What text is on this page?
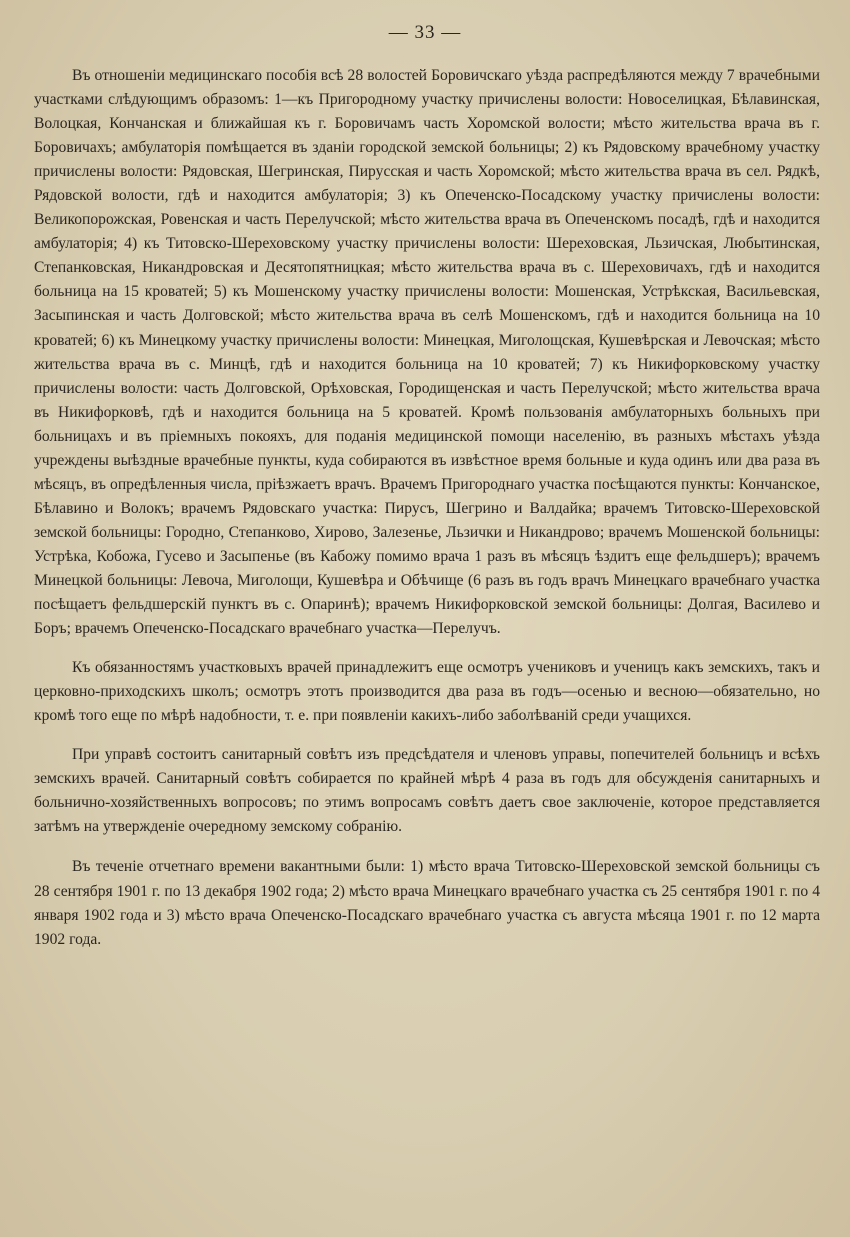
— 33 —

Въ отношеніи медицинскаго пособія всѣ 28 волостей Боровичскаго уѣзда распредѣляются между 7 врачебными участками слѣдующимъ образомъ: 1—къ Пригородному участку причислены волости: Новоселицкая, Бѣлавинская, Волоцкая, Кончанская и ближайшая къ г. Боровичамъ часть Хоромской волости; мѣсто жительства врача въ г. Боровичахъ; амбулаторія помѣщается въ зданіи городской земской больницы; 2) къ Рядовскому врачебному участку причислены волости: Рядовская, Шегринская, Пирусская и часть Хоромской; мѣсто жительства врача въ сел. Рядкѣ, Рядовской волости, гдѣ и находится амбулаторія; 3) къ Опеченско-Посадскому участку причислены волости: Великопорожская, Ровенская и часть Перелучской; мѣсто жительства врача въ Опеченскомъ посадѣ, гдѣ и находится амбулаторія; 4) къ Титовско-Шереховскому участку причислены волости: Шереховская, Льзичская, Любытинская, Степанковская, Никандровская и Десятопятницкая; мѣсто жительства врача въ с. Шереховичахъ, гдѣ и находится больница на 15 кроватей; 5) къ Мошенскому участку причислены волости: Мошенская, Устрѣкская, Васильевская, Засыпинская и часть Долговской; мѣсто жительства врача въ селѣ Мошенскомъ, гдѣ и находится больница на 10 кроватей; 6) къ Минецкому участку причислены волости: Минецкая, Миголощская, Кушевѣрская и Левочская; мѣсто жительства врача въ с. Минцѣ, гдѣ и находится больница на 10 кроватей; 7) къ Никифорковскому участку причислены волости: часть Долговской, Орѣховская, Городищенская и часть Перелучской; мѣсто жительства врача въ Никифорковѣ, гдѣ и находится больница на 5 кроватей. Кромѣ пользованія амбулаторныхъ больныхъ при больницахъ и въ пріемныхъ покояхъ, для поданія медицинской помощи населенію, въ разныхъ мѣстахъ уѣзда учреждены выѣздные врачебные пункты, куда собираются въ извѣстное время больные и куда одинъ или два раза въ мѣсяцъ, въ опредѣленныя числа, пріѣзжаетъ врачъ. Врачемъ Пригороднаго участка посѣщаются пункты: Кончанское, Бѣлавино и Волокъ; врачемъ Рядовскаго участка: Пирусъ, Шегрино и Валдайка; врачемъ Титовско-Шереховской земской больницы: Городно, Степанково, Хирово, Залезенье, Льзички и Никандрово; врачемъ Мошенской больницы: Устрѣка, Кобожа, Гусево и Засыпенье (въ Кабожу помимо врача 1 разъ въ мѣсяцъ ѣздитъ еще фельдшеръ); врачемъ Минецкой больницы: Левоча, Миголощи, Кушевѣра и Обѣчище (6 разъ въ годъ врачъ Минецкаго врачебнаго участка посѣщаетъ фельдшерскій пунктъ въ с. Опаринѣ); врачемъ Никифорковской земской больницы: Долгая, Василево и Боръ; врачемъ Опеченско-Посадскаго врачебнаго участка—Перелучъ.

Къ обязанностямъ участковыхъ врачей принадлежитъ еще осмотръ учениковъ и ученицъ какъ земскихъ, такъ и церковно-приходскихъ школъ; осмотръ этотъ производится два раза въ годъ—осенью и весною—обязательно, но кромѣ того еще по мѣрѣ надобности, т. е. при появленіи какихъ-либо заболѣваній среди учащихся.

При управѣ состоитъ санитарный совѣтъ изъ предсѣдателя и членовъ управы, попечителей больницъ и всѣхъ земскихъ врачей. Санитарный совѣтъ собирается по крайней мѣрѣ 4 раза въ годъ для обсужденія санитарныхъ и больнично-хозяйственныхъ вопросовъ; по этимъ вопросамъ совѣтъ даетъ свое заключеніе, которое представляется затѣмъ на утвержденіе очередному земскому собранію.

Въ теченіе отчетнаго времени вакантными были: 1) мѣсто врача Титовско-Шереховской земской больницы съ 28 сентября 1901 г. по 13 декабря 1902 года; 2) мѣсто врача Минецкаго врачебнаго участка съ 25 сентября 1901 г. по 4 января 1902 года и 3) мѣсто врача Опеченско-Посадскаго врачебнаго участка съ августа мѣсяца 1901 г. по 12 марта 1902 года.
